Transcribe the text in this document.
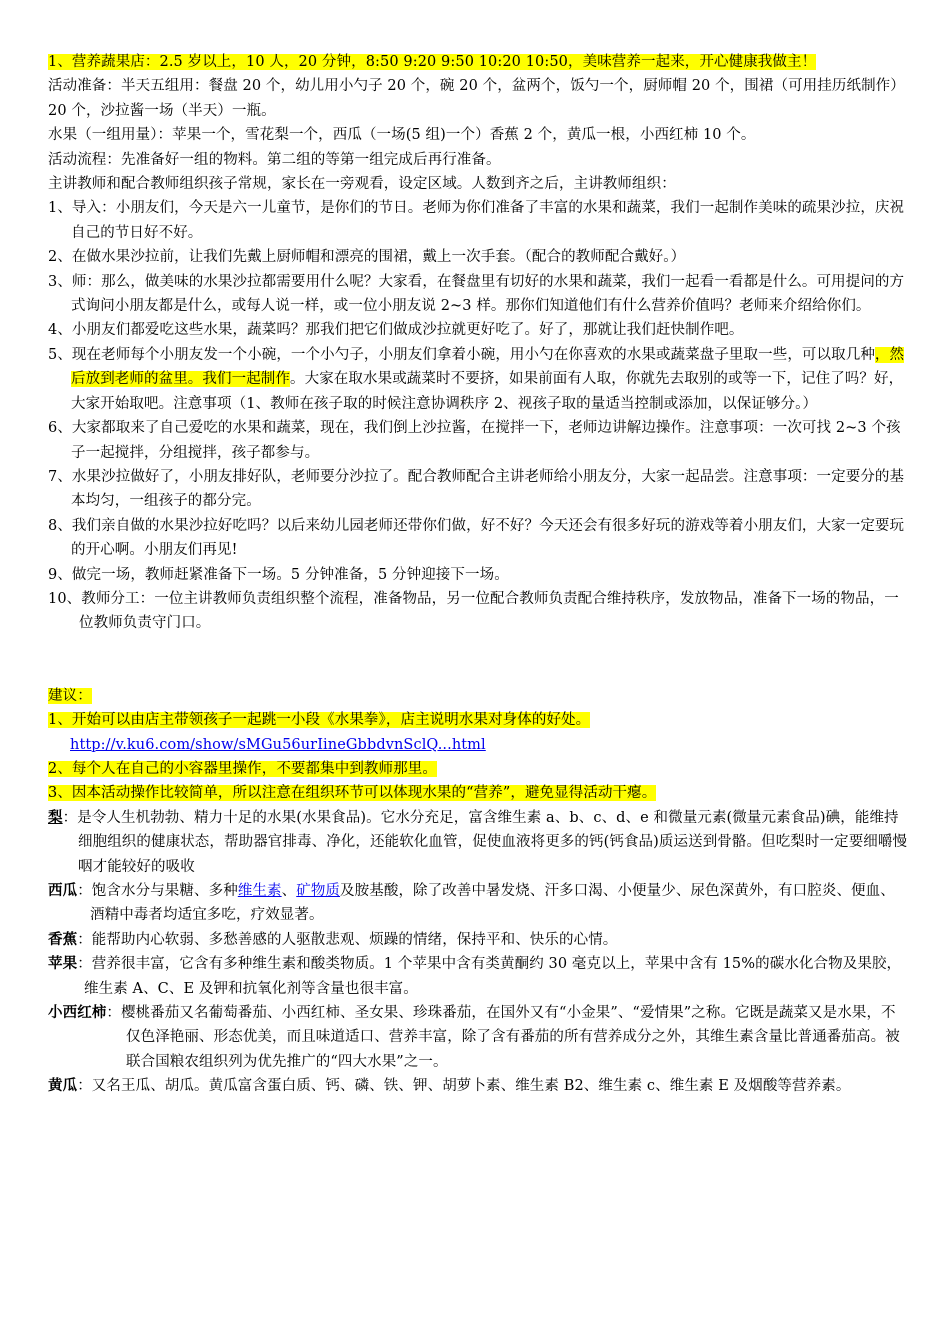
1、营养蔬果店：2.5 岁以上，10 人，20 分钟，8:50 9:20 9:50 10:20 10:50，美味营养一起来，开心健康我做主！

活动准备：半天五组用：餐盘 20 个，幼儿用小勺子 20 个，碗 20 个，盆两个，饭勺一个，厨师帽 20 个，围裙（可用挂历纸制作）20 个，沙拉酱一场（半天）一瓶。

水果（一组用量）：苹果一个，雪花梨一个，西瓜（一场(5 组)一个）香蕉 2 个，黄瓜一根，小西红柿 10 个。

活动流程：先准备好一组的物料。第二组的等第一组完成后再行准备。

主讲教师和配合教师组织孩子常规，家长在一旁观看，设定区域。人数到齐之后，主讲教师组织：

1、导入：小朋友们，今天是六一儿童节，是你们的节日。老师为你们准备了丰富的水果和蔬菜，我们一起制作美味的疏果沙拉，庆祝自己的节日好不好。

2、在做水果沙拉前，让我们先戴上厨师帽和漂亮的围裙，戴上一次手套。（配合的教师配合戴好。）

3、师：那么，做美味的水果沙拉都需要用什么呢？大家看，在餐盘里有切好的水果和蔬菜，我们一起看一看都是什么。可用提问的方式询问小朋友都是什么，或每人说一样，或一位小朋友说 2~3 样。那你们知道他们有什么营养价值吗？老师来介绍给你们。

4、小朋友们都爱吃这些水果，蔬菜吗？那我们把它们做成沙拉就更好吃了。好了，那就让我们赶快制作吧。

5、现在老师每个小朋友发一个小碗，一个小勺子，小朋友们拿着小碗，用小勺在你喜欢的水果或蔬菜盘子里取一些，可以取几种，然后放到老师的盆里。我们一起制作。大家在取水果或蔬菜时不要挤，如果前面有人取，你就先去取别的或等一下，记住了吗？好，大家开始取吧。注意事项（1、教师在孩子取的时候注意协调秩序 2、视孩子取的量适当控制或添加，以保证够分。）

6、大家都取来了自己爱吃的水果和蔬菜，现在，我们倒上沙拉酱，在搅拌一下，老师边讲解边操作。注意事项：一次可找 2~3 个孩子一起搅拌，分组搅拌，孩子都参与。

7、水果沙拉做好了，小朋友排好队，老师要分沙拉了。配合教师配合主讲老师给小朋友分，大家一起品尝。注意事项：一定要分的基本均匀，一组孩子的都分完。

8、我们亲自做的水果沙拉好吃吗？以后来幼儿园老师还带你们做，好不好？今天还会有很多好玩的游戏等着小朋友们，大家一定要玩的开心啊。小朋友们再见!

9、做完一场，教师赶紧准备下一场。5 分钟准备，5 分钟迎接下一场。

10、教师分工：一位主讲教师负责组织整个流程，准备物品，另一位配合教师负责配合维持秩序，发放物品，准备下一场的物品，一位教师负责守门口。

建议：

1、开始可以由店主带领孩子一起跳一小段《水果拳》，店主说明水果对身体的好处。

http://v.ku6.com/show/sMGu56urIineGbbdvnSclQ...html

2、每个人在自己的小容器里操作，不要都集中到教师那里。

3、因本活动操作比较简单，所以注意在组织环节可以体现水果的“营养”，避免显得活动干瘪。

梨：是令人生机勃勃、精力十足的水果(水果食品)。它水分充足，富含维生素 a、b、c、d、e 和微量元素(微量元素食品)碘，能维持细胞组织的健康状态，帮助器官排毒、净化，还能软化血管，促使血液将更多的钙(钙食品)质运送到骨骼。但吃梨时一定要细嚼慢咽才能较好的吸收

西瓜：饱含水分与果糖、多种维生素、矿物质及胺基酸，除了改善中暑发烧、汗多口渴、小便量少、尿色深黄外，有口腔炎、便血、酒精中毒者均适宜多吃，疗效显著。

香蕉：能帮助内心软弱、多愁善感的人驱散悲观、烦躁的情绪，保持平和、快乐的心情。

苹果：营养很丰富，它含有多种维生素和酸类物质。1 个苹果中含有类黄酮约 30 毫克以上，苹果中含有 15%的碳水化合物及果胶，维生素 A、C、E 及钾和抗氧化剂等含量也很丰富。

小西红柿：樱桃番茄又名葡萄番茄、小西红柿、圣女果、珍珠番茄，在国外又有“小金果”、“爱情果”之称。它既是蔬菜又是水果，不仅色泽艳丽、形态优美，而且味道适口、营养丰富，除了含有番茄的所有营养成分之外，其维生素含量比普通番茄高。被联合国粮农组织列为优先推广的“四大水果”之一。

黄瓜：又名王瓜、胡瓜。黄瓜富含蛋白质、钙、磷、铁、钾、胡萝卜素、维生素 B2、维生素 c、维生素 E 及烟酸等营养素。
